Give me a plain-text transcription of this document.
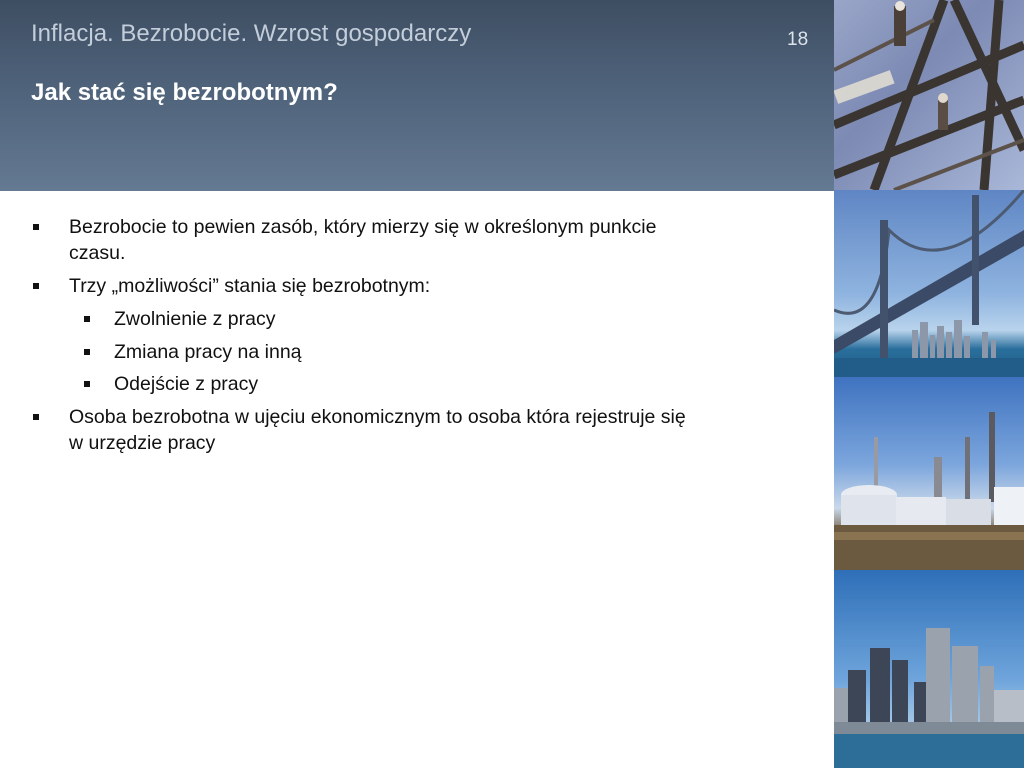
Inflacja. Bezrobocie. Wzrost gospodarczy	18
Jak stać się bezrobotnym?
Bezrobocie to pewien zasób, który mierzy się w określonym punkcie
czasu.
Trzy „możliwości” stania się bezrobotnym:
Zwolnienie z pracy
Zmiana pracy na inną
Odejście z pracy
Osoba bezrobotna w ujęciu ekonomicznym to osoba która rejestruje się
w urzędzie pracy
